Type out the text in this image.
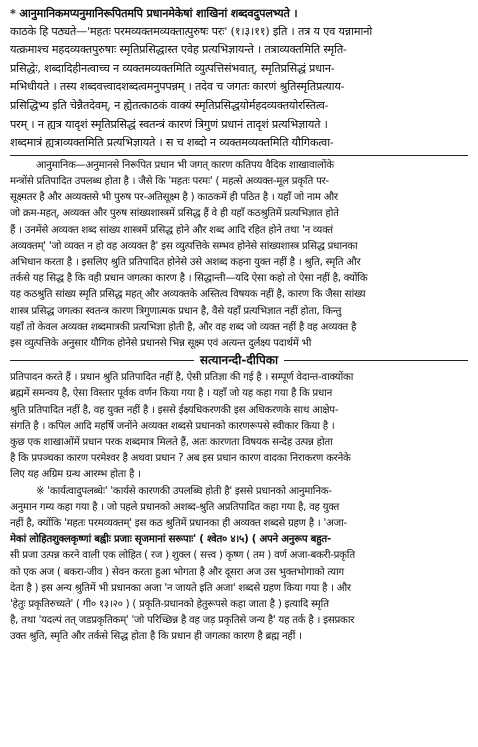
* आनुमानिकमप्यनुमानिरूपितमपि प्रधानमेकेषां शाखिनां शब्दवदुपलभ्यते ।
काठके हि पठ्यते—'महतः परमव्यक्तमव्यक्तात्पुरुषः परः' (१।३।११) इति । तत्र य एव यन्नामानो
यत्क्रमाश्च महदव्यक्तपुरुषाः स्मृतिप्रसिद्धास्त एवेह प्रत्यभिज्ञायन्ते । तत्राव्यक्तमिति स्मृति-
प्रसिद्धेः, शब्दादिहीनत्वाच्च न व्यक्तमव्यक्तमिति व्युत्पत्तिसंभवात्, स्मृतिप्रसिद्धं प्रधान-
मभिधीयते । तस्य शब्दवत्त्वादशब्दत्वमनुपपन्नम् । तदेव च जगतः कारणं श्रुतिस्मृतिप्रत्याय-
प्रसिद्धिभ्य इति चेन्नैतदेवम्, न ह्येतत्काठकं वाक्यं स्मृतिप्रसिद्धयोर्महदव्यक्तयोरस्तित्व-
परम् । न ह्यत्र यादृशं स्मृतिप्रसिद्धं स्वतन्त्रं कारणं त्रिगुणं प्रधानं तादृशं प्रत्यभिज्ञायते ।
शब्दमात्रं ह्यत्राव्यक्तमिति प्रत्यभिज्ञायते । स च शब्दो न व्यक्तमव्यक्तमिति यौगिकत्वा-
आनुमानिक—अनुमानसे निरूपित प्रधान भी जगत् कारण कतिपय वैदिक शाखावालोंके
मन्त्रोंसे प्रतिपादित उपलब्ध होता है । जैसे कि 'महतः परमः' ( महत्से अव्यक्त-मूल प्रकृति पर-
सूक्ष्मतर है और अव्यक्तसे भी पुरुष पर-अतिसूक्ष्म है ) काठकमें ही पठित है । यहाँ जो नाम और
जो क्रम-महत्, अव्यक्त और पुरुष सांख्यशास्त्रमें प्रसिद्ध हैं वे ही यहाँ कठश्रुतिमें प्रत्यभिज्ञात होते
हैं । उनमेंसे अव्यक्त शब्द सांख्य शास्त्रमें प्रसिद्ध होने और शब्द आदि रहित होने तथा 'न व्यक्तं
अव्यक्तम्' 'जो व्यक्त न हो वह अव्यक्त है' इस व्युत्पत्तिके सम्भव होनेसे सांख्यशास्त्र प्रसिद्ध प्रधानका
अभिधान करता है । इसलिए श्रुति प्रतिपादित होनेसे उसे अशब्द कहना युक्त नहीं है । श्रुति, स्मृति और
तर्कसे यह सिद्ध है कि वही प्रधान जगत्का कारण है । सिद्धान्ती—यदि ऐसा कहो तो ऐसा नहीं है, क्योंकि
यह कठश्रुति सांख्य स्मृति प्रसिद्ध महत् और अव्यक्तके अस्तित्व विषयक नहीं है, कारण कि जैसा सांख्य
शास्त्र प्रसिद्ध जगत्का स्वतन्त्र कारण त्रिगुणात्मक प्रधान है, वैसे यहाँ प्रत्यभिज्ञात नहीं होता, किन्तु
यहाँ तो केवल अव्यक्त शब्दमात्रकी प्रत्यभिज्ञा होती है, और वह शब्द जो व्यक्त नहीं है वह अव्यक्त है
इस व्युत्पत्तिके अनुसार यौगिक होनेसे प्रधानसे भिन्न सूक्ष्म एवं अत्यन्त दुर्लक्ष्य पदार्थमें भी
सत्यानन्दी-दीपिका
प्रतिपादन करते हैं । प्रधान श्रुति प्रतिपादित नहीं है, ऐसी प्रतिज्ञा की गई है । सम्पूर्ण वेदान्त-वाक्योंका
ब्रह्ममें समन्वय है, ऐसा विस्तार पूर्वक वर्णन किया गया है । यहाँ जो यह कहा गया है कि प्रधान
श्रुति प्रतिपादित नहीं है, वह युक्त नहीं है । इससे ईक्ष्यधिकरणकी इस अधिकरणके साथ आक्षेप-
संगति है । कपिल आदि महर्षि जनोंने अव्यक्त शब्दसे प्रधानको कारणरूपसे स्वीकार किया है ।
कुछ एक शाखाओंमें प्रधान परक शब्दमात्र मिलते हैं, अतः कारणता विषयक सन्देह उत्पन्न होता
है कि प्रपञ्चका कारण परमेश्वर है अथवा प्रधान ? अब इस प्रधान कारण वादका निराकरण करनेके
लिए यह अग्रिम ग्रन्थ आरम्भ होता है ।
※ 'कार्यत्वादुपलब्धेः' 'कार्यसे कारणकी उपलब्धि होती है' इससे प्रधानको आनुमानिक-
अनुमान गम्य कहा गया है । जो पहले प्रधानको अशब्द-श्रुति अप्रतिपादित कहा गया है, वह युक्त
नहीं है, क्योंकि 'महतः परमव्यक्तम्' इस कठ श्रुतिमें प्रधानका ही अव्यक्त शब्दसे ग्रहण है । 'अजा-
मेकां लोहितशुक्लकृष्णां बह्वीः प्रजाः सृजमानां सरूपाः' ( श्वेत० ४।५) ( अपने अनुरूप बहुत-
सी प्रजा उत्पन्न करने वाली एक लोहित ( रज ) शुक्ल ( सत्त्व ) कृष्ण ( तम ) वर्ण अजा-बकरी-प्रकृति
को एक अज ( बकरा-जीव ) सेवन करता हुआ भोगता है और दूसरा अज उस भुक्तभोगाको त्याग
देता है ) इस अन्य श्रुतिमें भी प्रधानका अजा 'न जायते इति अजा' शब्दसे ग्रहण किया गया है । और
'हेतुः प्रकृतिरुच्यते' ( गी० १३।२० ) ( प्रकृति-प्रधानको हेतुरूपसे कहा जाता है ) इत्यादि स्मृति
है, तथा 'यदल्पं तत् जडप्रकृतिकम्' 'जो परिच्छिन्न है वह जड़ प्रकृतिसे जन्य है' यह तर्क है । इसप्रकार
उक्त श्रुति, स्मृति और तर्कसे सिद्ध होता है कि प्रधान ही जगत्का कारण है ब्रह्म नहीं ।
